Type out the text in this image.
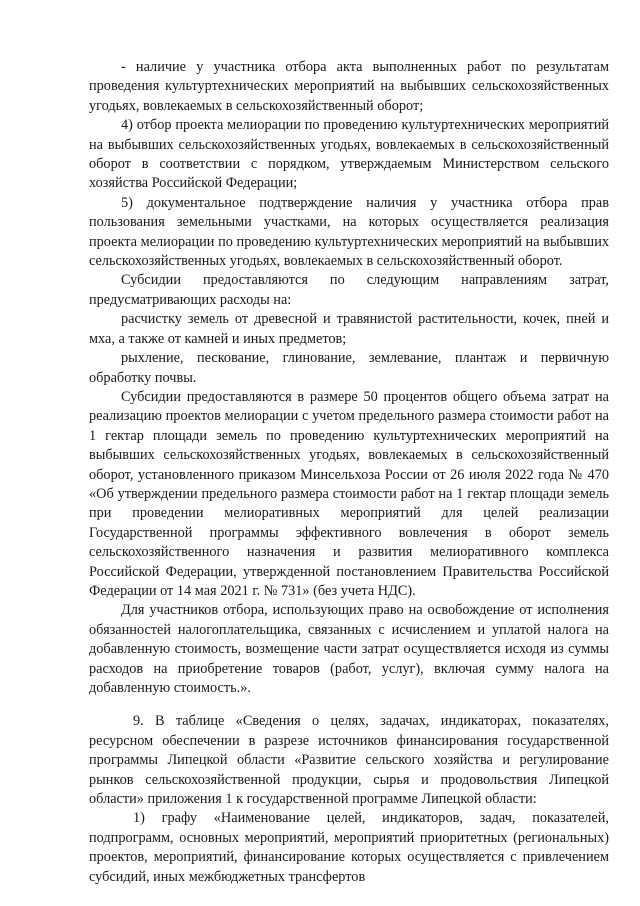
- наличие у участника отбора акта выполненных работ по результатам проведения культуртехнических мероприятий на выбывших сельскохозяйственных угодьях, вовлекаемых в сельскохозяйственный оборот;

4) отбор проекта мелиорации по проведению культуртехнических мероприятий на выбывших сельскохозяйственных угодьях, вовлекаемых в сельскохозяйственный оборот в соответствии с порядком, утверждаемым Министерством сельского хозяйства Российской Федерации;

5) документальное подтверждение наличия у участника отбора прав пользования земельными участками, на которых осуществляется реализация проекта мелиорации по проведению культуртехнических мероприятий на выбывших сельскохозяйственных угодьях, вовлекаемых в сельскохозяйственный оборот.

Субсидии предоставляются по следующим направлениям затрат, предусматривающих расходы на:

расчистку земель от древесной и травянистой растительности, кочек, пней и мха, а также от камней и иных предметов;

рыхление, пескование, глинование, землевание, плантаж и первичную обработку почвы.

Субсидии предоставляются в размере 50 процентов общего объема затрат на реализацию проектов мелиорации с учетом предельного размера стоимости работ на 1 гектар площади земель по проведению культуртехнических мероприятий на выбывших сельскохозяйственных угодьях, вовлекаемых в сельскохозяйственный оборот, установленного приказом Минсельхоза России от 26 июля 2022 года № 470 «Об утверждении предельного размера стоимости работ на 1 гектар площади земель при проведении мелиоративных мероприятий для целей реализации Государственной программы эффективного вовлечения в оборот земель сельскохозяйственного назначения и развития мелиоративного комплекса Российской Федерации, утвержденной постановлением Правительства Российской Федерации от 14 мая 2021 г. № 731» (без учета НДС).

Для участников отбора, использующих право на освобождение от исполнения обязанностей налогоплательщика, связанных с исчислением и уплатой налога на добавленную стоимость, возмещение части затрат осуществляется исходя из суммы расходов на приобретение товаров (работ, услуг), включая сумму налога на добавленную стоимость.».

9. В таблице «Сведения о целях, задачах, индикаторах, показателях, ресурсном обеспечении в разрезе источников финансирования государственной программы Липецкой области «Развитие сельского хозяйства и регулирование рынков сельскохозяйственной продукции, сырья и продовольствия Липецкой области» приложения 1 к государственной программе Липецкой области:

1) графу «Наименование целей, индикаторов, задач, показателей, подпрограмм, основных мероприятий, мероприятий приоритетных (региональных) проектов, мероприятий, финансирование которых осуществляется с привлечением субсидий, иных межбюджетных трансфертов
